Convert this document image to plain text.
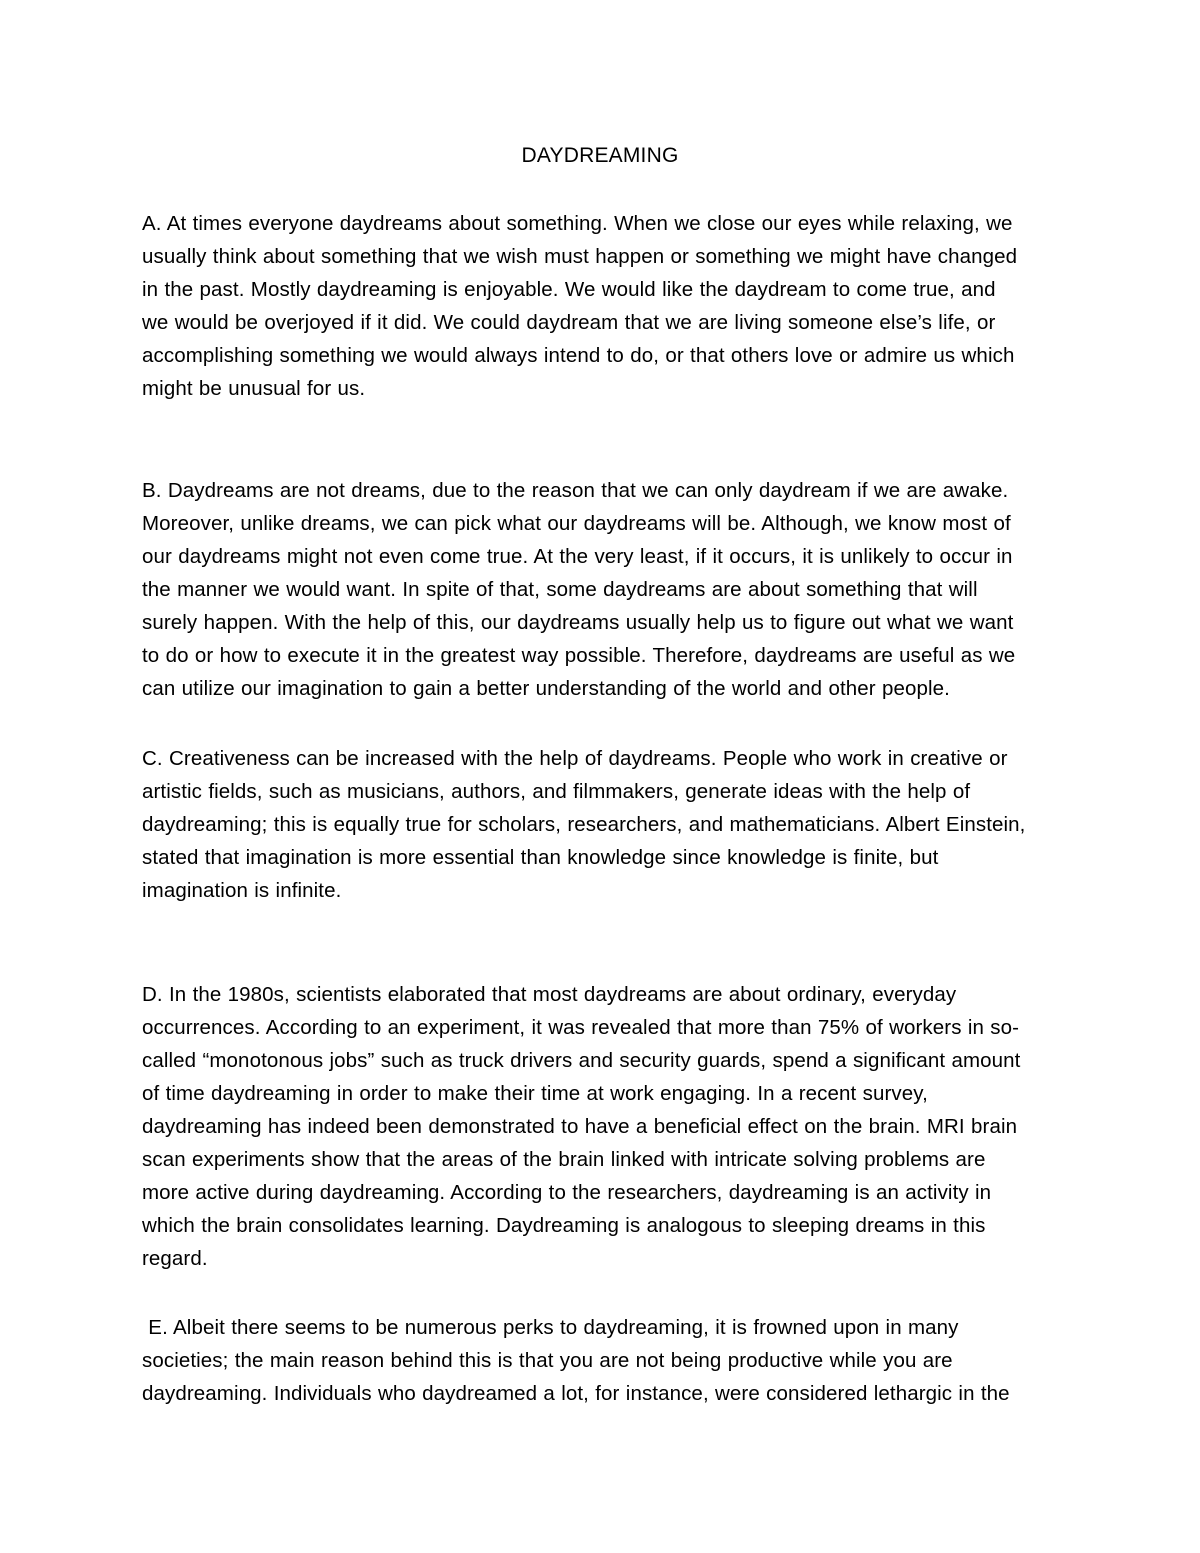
DAYDREAMING

A. At times everyone daydreams about something. When we close our eyes while relaxing, we
usually think about something that we wish must happen or something we might have changed
in the past. Mostly daydreaming is enjoyable. We would like the daydream to come true, and
we would be overjoyed if it did. We could daydream that we are living someone else’s life, or
accomplishing something we would always intend to do, or that others love or admire us which
might be unusual for us.

B. Daydreams are not dreams, due to the reason that we can only daydream if we are awake.
Moreover, unlike dreams, we can pick what our daydreams will be. Although, we know most of
our daydreams might not even come true. At the very least, if it occurs, it is unlikely to occur in
the manner we would want. In spite of that, some daydreams are about something that will
surely happen. With the help of this, our daydreams usually help us to figure out what we want
to do or how to execute it in the greatest way possible. Therefore, daydreams are useful as we
can utilize our imagination to gain a better understanding of the world and other people.

C. Creativeness can be increased with the help of daydreams. People who work in creative or
artistic fields, such as musicians, authors, and filmmakers, generate ideas with the help of
daydreaming; this is equally true for scholars, researchers, and mathematicians. Albert Einstein,
stated that imagination is more essential than knowledge since knowledge is finite, but
imagination is infinite.

D. In the 1980s, scientists elaborated that most daydreams are about ordinary, everyday
occurrences. According to an experiment, it was revealed that more than 75% of workers in so-
called “monotonous jobs” such as truck drivers and security guards, spend a significant amount
of time daydreaming in order to make their time at work engaging. In a recent survey,
daydreaming has indeed been demonstrated to have a beneficial effect on the brain. MRI brain
scan experiments show that the areas of the brain linked with intricate solving problems are
more active during daydreaming. According to the researchers, daydreaming is an activity in
which the brain consolidates learning. Daydreaming is analogous to sleeping dreams in this
regard.

E. Albeit there seems to be numerous perks to daydreaming, it is frowned upon in many
societies; the main reason behind this is that you are not being productive while you are
daydreaming. Individuals who daydreamed a lot, for instance, were considered lethargic in the
